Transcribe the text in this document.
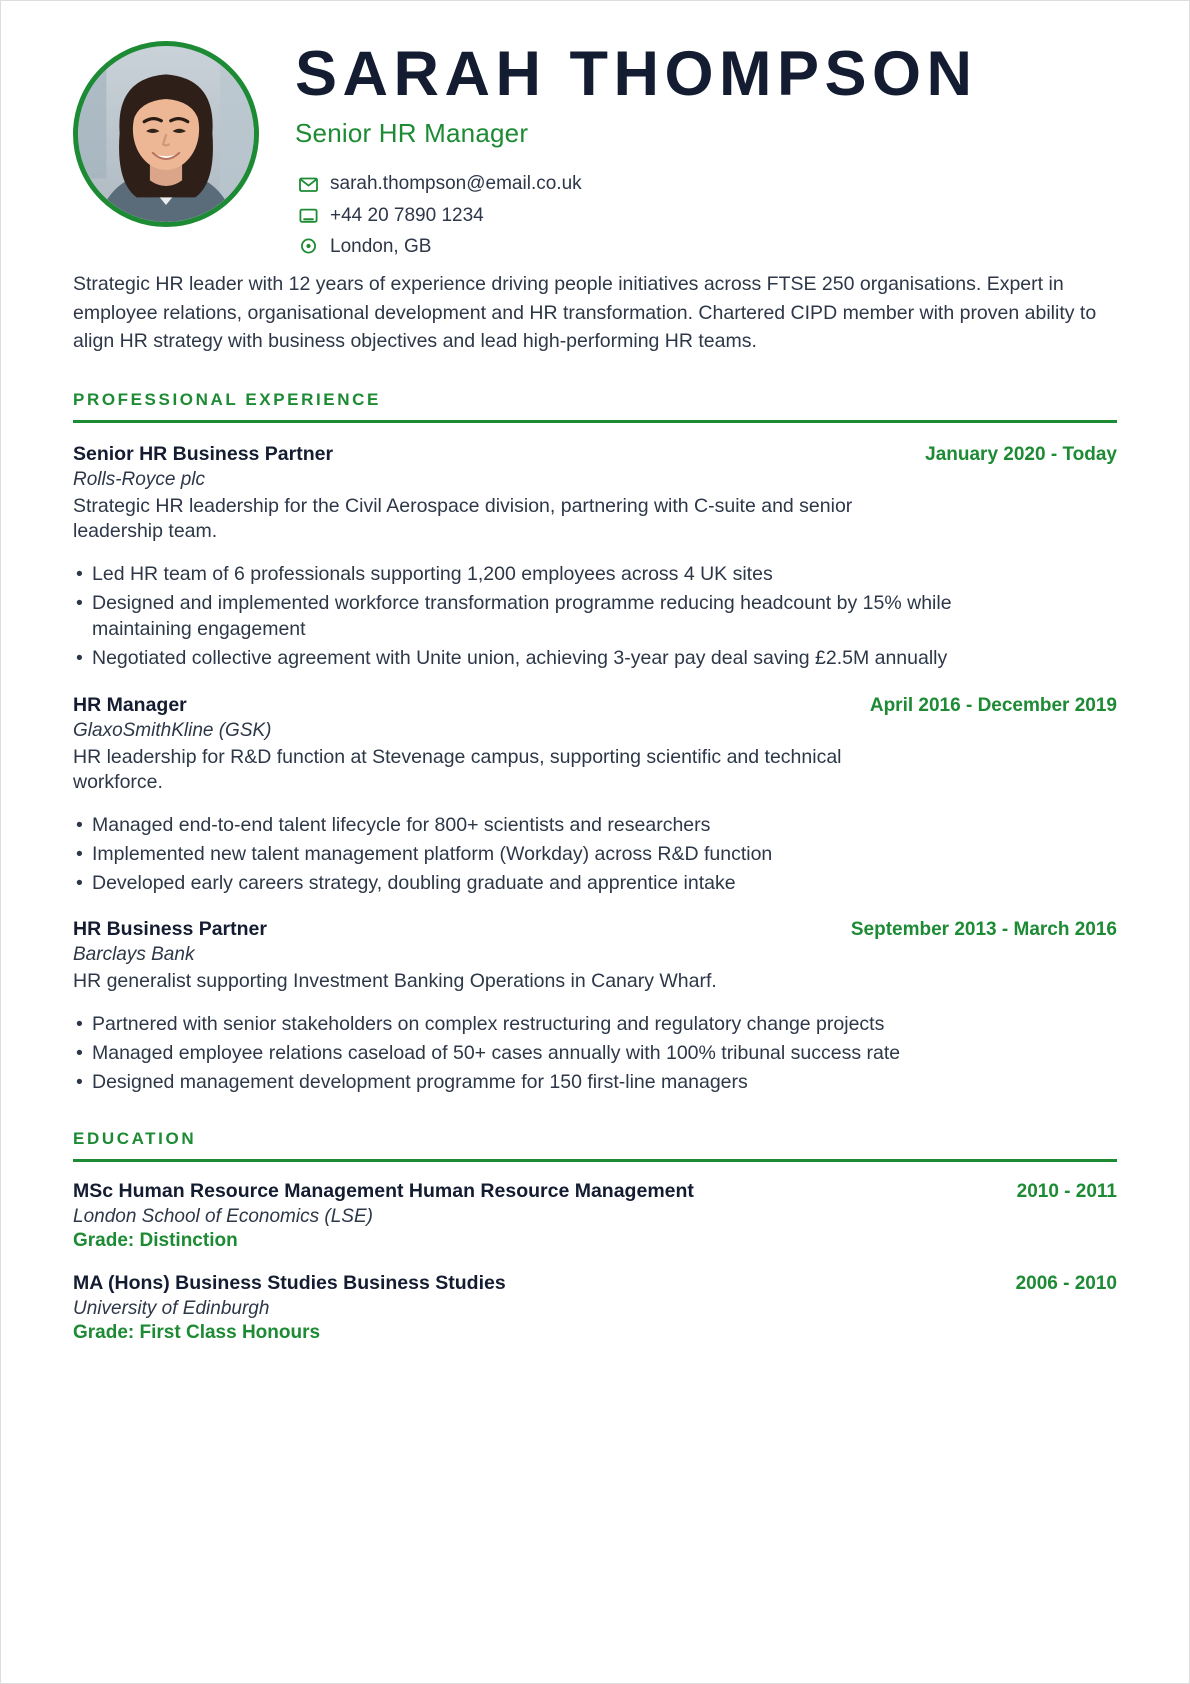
SARAH THOMPSON
Senior HR Manager
sarah.thompson@email.co.uk
+44 20 7890 1234
London, GB
Strategic HR leader with 12 years of experience driving people initiatives across FTSE 250 organisations. Expert in employee relations, organisational development and HR transformation. Chartered CIPD member with proven ability to align HR strategy with business objectives and lead high-performing HR teams.
PROFESSIONAL EXPERIENCE
Senior HR Business Partner	January 2020 - Today
Rolls-Royce plc
Strategic HR leadership for the Civil Aerospace division, partnering with C-suite and senior leadership team.
• Led HR team of 6 professionals supporting 1,200 employees across 4 UK sites
• Designed and implemented workforce transformation programme reducing headcount by 15% while maintaining engagement
• Negotiated collective agreement with Unite union, achieving 3-year pay deal saving £2.5M annually
HR Manager	April 2016 - December 2019
GlaxoSmithKline (GSK)
HR leadership for R&D function at Stevenage campus, supporting scientific and technical workforce.
• Managed end-to-end talent lifecycle for 800+ scientists and researchers
• Implemented new talent management platform (Workday) across R&D function
• Developed early careers strategy, doubling graduate and apprentice intake
HR Business Partner	September 2013 - March 2016
Barclays Bank
HR generalist supporting Investment Banking Operations in Canary Wharf.
• Partnered with senior stakeholders on complex restructuring and regulatory change projects
• Managed employee relations caseload of 50+ cases annually with 100% tribunal success rate
• Designed management development programme for 150 first-line managers
EDUCATION
MSc Human Resource Management Human Resource Management	2010 - 2011
London School of Economics (LSE)
Grade: Distinction
MA (Hons) Business Studies Business Studies	2006 - 2010
University of Edinburgh
Grade: First Class Honours
